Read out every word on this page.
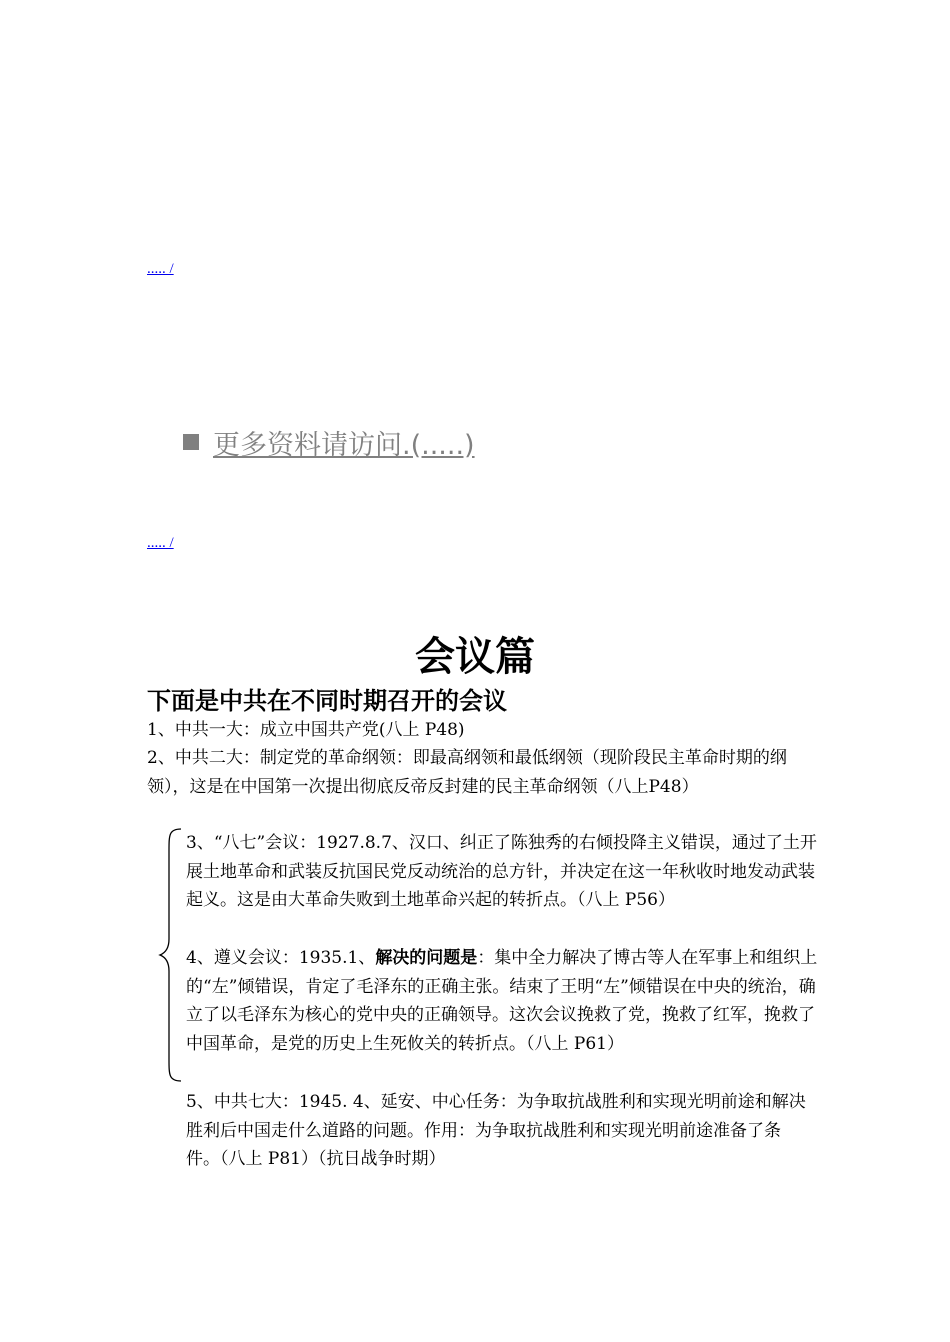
..... /
更多资料请访问.(.....)
..... /
会议篇
下面是中共在不同时期召开的会议
1、中共一大：成立中国共产党(八上 P48)
2、中共二大：制定党的革命纲领：即最高纲领和最低纲领（现阶段民主革命时期的纲领），这是在中国第一次提出彻底反帝反封建的民主革命纲领（八上P48）
3、“八七”会议：1927.8.7、汉口、纠正了陈独秀的右倾投降主义错误，通过了土开展土地革命和武装反抗国民党反动统治的总方针，并决定在这一年秋收时地发动武装起义。这是由大革命失败到土地革命兴起的转折点。（八上 P56）
4、遵义会议：1935.1、解决的问题是：集中全力解决了博古等人在军事上和组织上的“左”倾错误，肯定了毛泽东的正确主张。结束了王明“左”倾错误在中央的统治，确立了以毛泽东为核心的党中央的正确领导。这次会议挽救了党，挽救了红军，挽救了中国革命，是党的历史上生死攸关的转折点。（八上 P61）
5、中共七大：1945. 4、延安、中心任务：为争取抗战胜利和实现光明前途和解决胜利后中国走什么道路的问题。作用：为争取抗战胜利和实现光明前途准备了条件。（八上 P81）（抗日战争时期）
